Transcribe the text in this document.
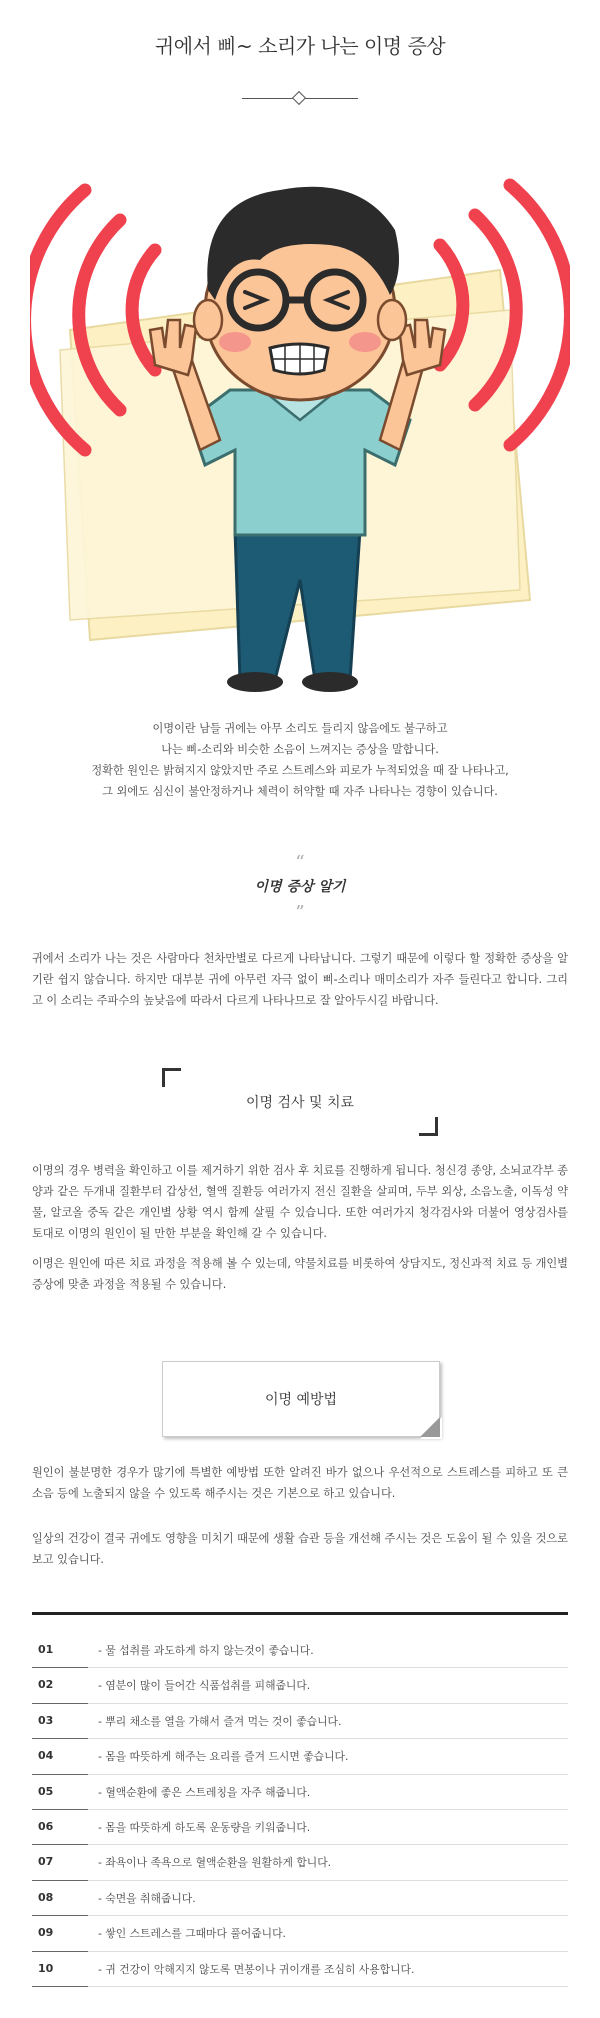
귀에서 삐~ 소리가 나는 이명 증상

이명이란 남들 귀에는 아무 소리도 들리지 않음에도 불구하고

나는 삐-소리와 비슷한 소음이 느껴지는 증상을 말합니다.

정확한 원인은 밝혀지지 않았지만 주로 스트레스와 피로가 누적되었을 때 잘 나타나고,

그 외에도 심신이 불안정하거나 체력이 허약할 때 자주 나타나는 경향이 있습니다.

“
이명 증상 알기
”
귀에서 소리가 나는 것은 사람마다 천차만별로 다르게 나타납니다. 그렇기 때문에 이렇다 할 정확한 증상을 알기란 쉽지 않습니다. 하지만 대부분 귀에 아무런 자극 없이 삐-소리나 매미소리가 자주 들린다고 합니다. 그리고 이 소리는 주파수의 높낮음에 따라서 다르게 나타나므로 잘 알아두시길 바랍니다.
이명 검사 및 치료
이명의 경우 병력을 확인하고 이를 제거하기 위한 검사 후 치료를 진행하게 됩니다. 청신경 종양, 소뇌교각부 종양과 같은 두개내 질환부터 갑상선, 혈액 질환등 여러가지 전신 질환을 살피며, 두부 외상, 소음노출, 이독성 약물, 알코올 중독 같은 개인별 상황 역시 함께 살필 수 있습니다. 또한 여러가지 청각검사와 더불어 영상검사를 토대로 이명의 원인이 될 만한 부분을 확인해 갈 수 있습니다.
이명은 원인에 따른 치료 과정을 적용해 볼 수 있는데, 약물치료를 비롯하여 상담지도, 정신과적 치료 등 개인별 증상에 맞춘 과정을 적용될 수 있습니다.
이명 예방법
원인이 불분명한 경우가 많기에 특별한 예방법 또한 알려진 바가 없으나 우선적으로 스트레스를 피하고 또 큰 소음 등에 노출되지 않을 수 있도록 해주시는 것은 기본으로 하고 있습니다.
일상의 건강이 결국 귀에도 영향을 미치기 때문에 생활 습관 등을 개선해 주시는 것은 도움이 될 수 있을 것으로 보고 있습니다.
01	- 물 섭취를 과도하게 하지 않는것이 좋습니다.
02	- 염분이 많이 들어간 식품섭취를 피해줍니다.
03	- 뿌리 채소를 열을 가해서 즐겨 먹는 것이 좋습니다.
04	- 몸을 따뜻하게 해주는 요리를 즐겨 드시면 좋습니다.
05	- 혈액순환에 좋은 스트레칭을 자주 해줍니다.
06	- 몸을 따뜻하게 하도록 운동량을 키워줍니다.
07	- 좌욕이나 족욕으로 혈액순환을 원활하게 합니다.
08	- 숙면을 취해줍니다.
09	- 쌓인 스트레스를 그때마다 풀어줍니다.
10	- 귀 건강이 악해지지 않도록 면봉이나 귀이개를 조심히 사용합니다.
